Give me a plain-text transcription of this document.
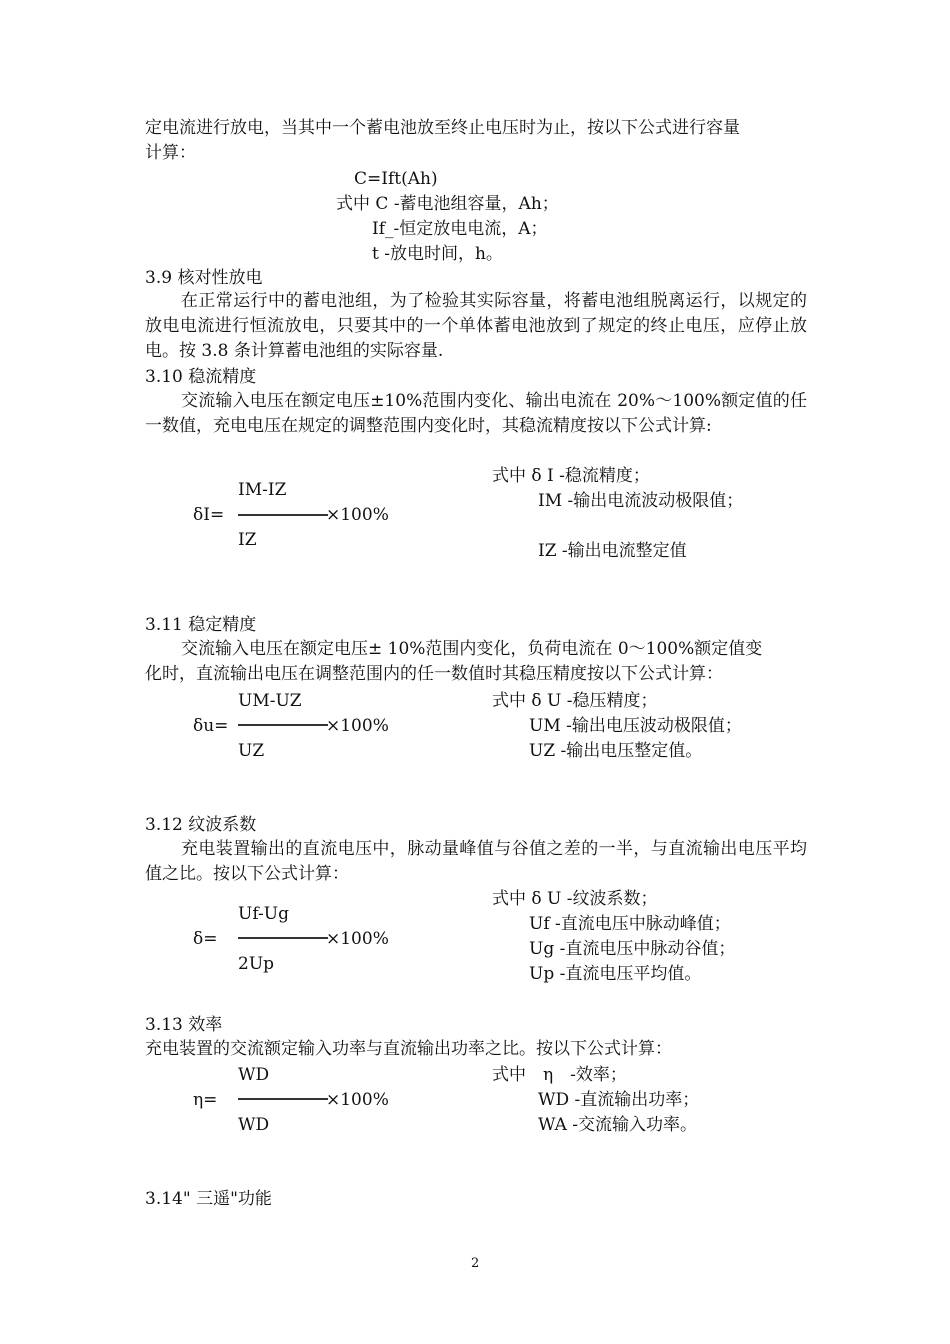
定电流进行放电，当其中一个蓄电池放至终止电压时为止，按以下公式进行容量
计算：
C=Ift(Ah)
式中 C -蓄电池组容量，Ah；
If_-恒定放电电流，A；
t -放电时间，h。
3.9 核对性放电

在正常运行中的蓄电池组，为了检验其实际容量，将蓄电池组脱离运行，以规定的放电电流进行恒流放电，只要其中的一个单体蓄电池放到了规定的终止电压，应停止放电。按 3.8 条计算蓄电池组的实际容量.

3.10 稳流精度

交流输入电压在额定电压±10%范围内变化、输出电流在 20%～100%额定值的任一数值，充电电压在规定的调整范围内变化时，其稳流精度按以下公式计算:

δI=
IM-IZ
×100%
IZ
式中 δ I -稳流精度；
IM -输出电流波动极限值；
IZ -输出电流整定值
3.11 稳定精度
交流输入电压在额定电压± 10%范围内变化，负荷电流在 0～100%额定值变
化时，直流输出电压在调整范围内的任一数值时其稳压精度按以下公式计算：
δu=
UM-UZ
×100%
UZ
式中 δ U -稳压精度；
UM -输出电压波动极限值；
UZ -输出电压整定值。
3.12 纹波系数

充电装置输出的直流电压中，脉动量峰值与谷值之差的一半，与直流输出电压平均值之比。按以下公式计算：

δ=
Uf-Ug
×100%
2Up
式中 δ U -纹波系数；
Uf -直流电压中脉动峰值；
Ug -直流电压中脉动谷值；
Up -直流电压平均值。
3.13 效率
充电装置的交流额定输入功率与直流输出功率之比。按以下公式计算：
η=
WD
×100%
WD
式中　η　-效率；
WD -直流输出功率；
WA -交流输入功率。
3.14" 三遥"功能
2
